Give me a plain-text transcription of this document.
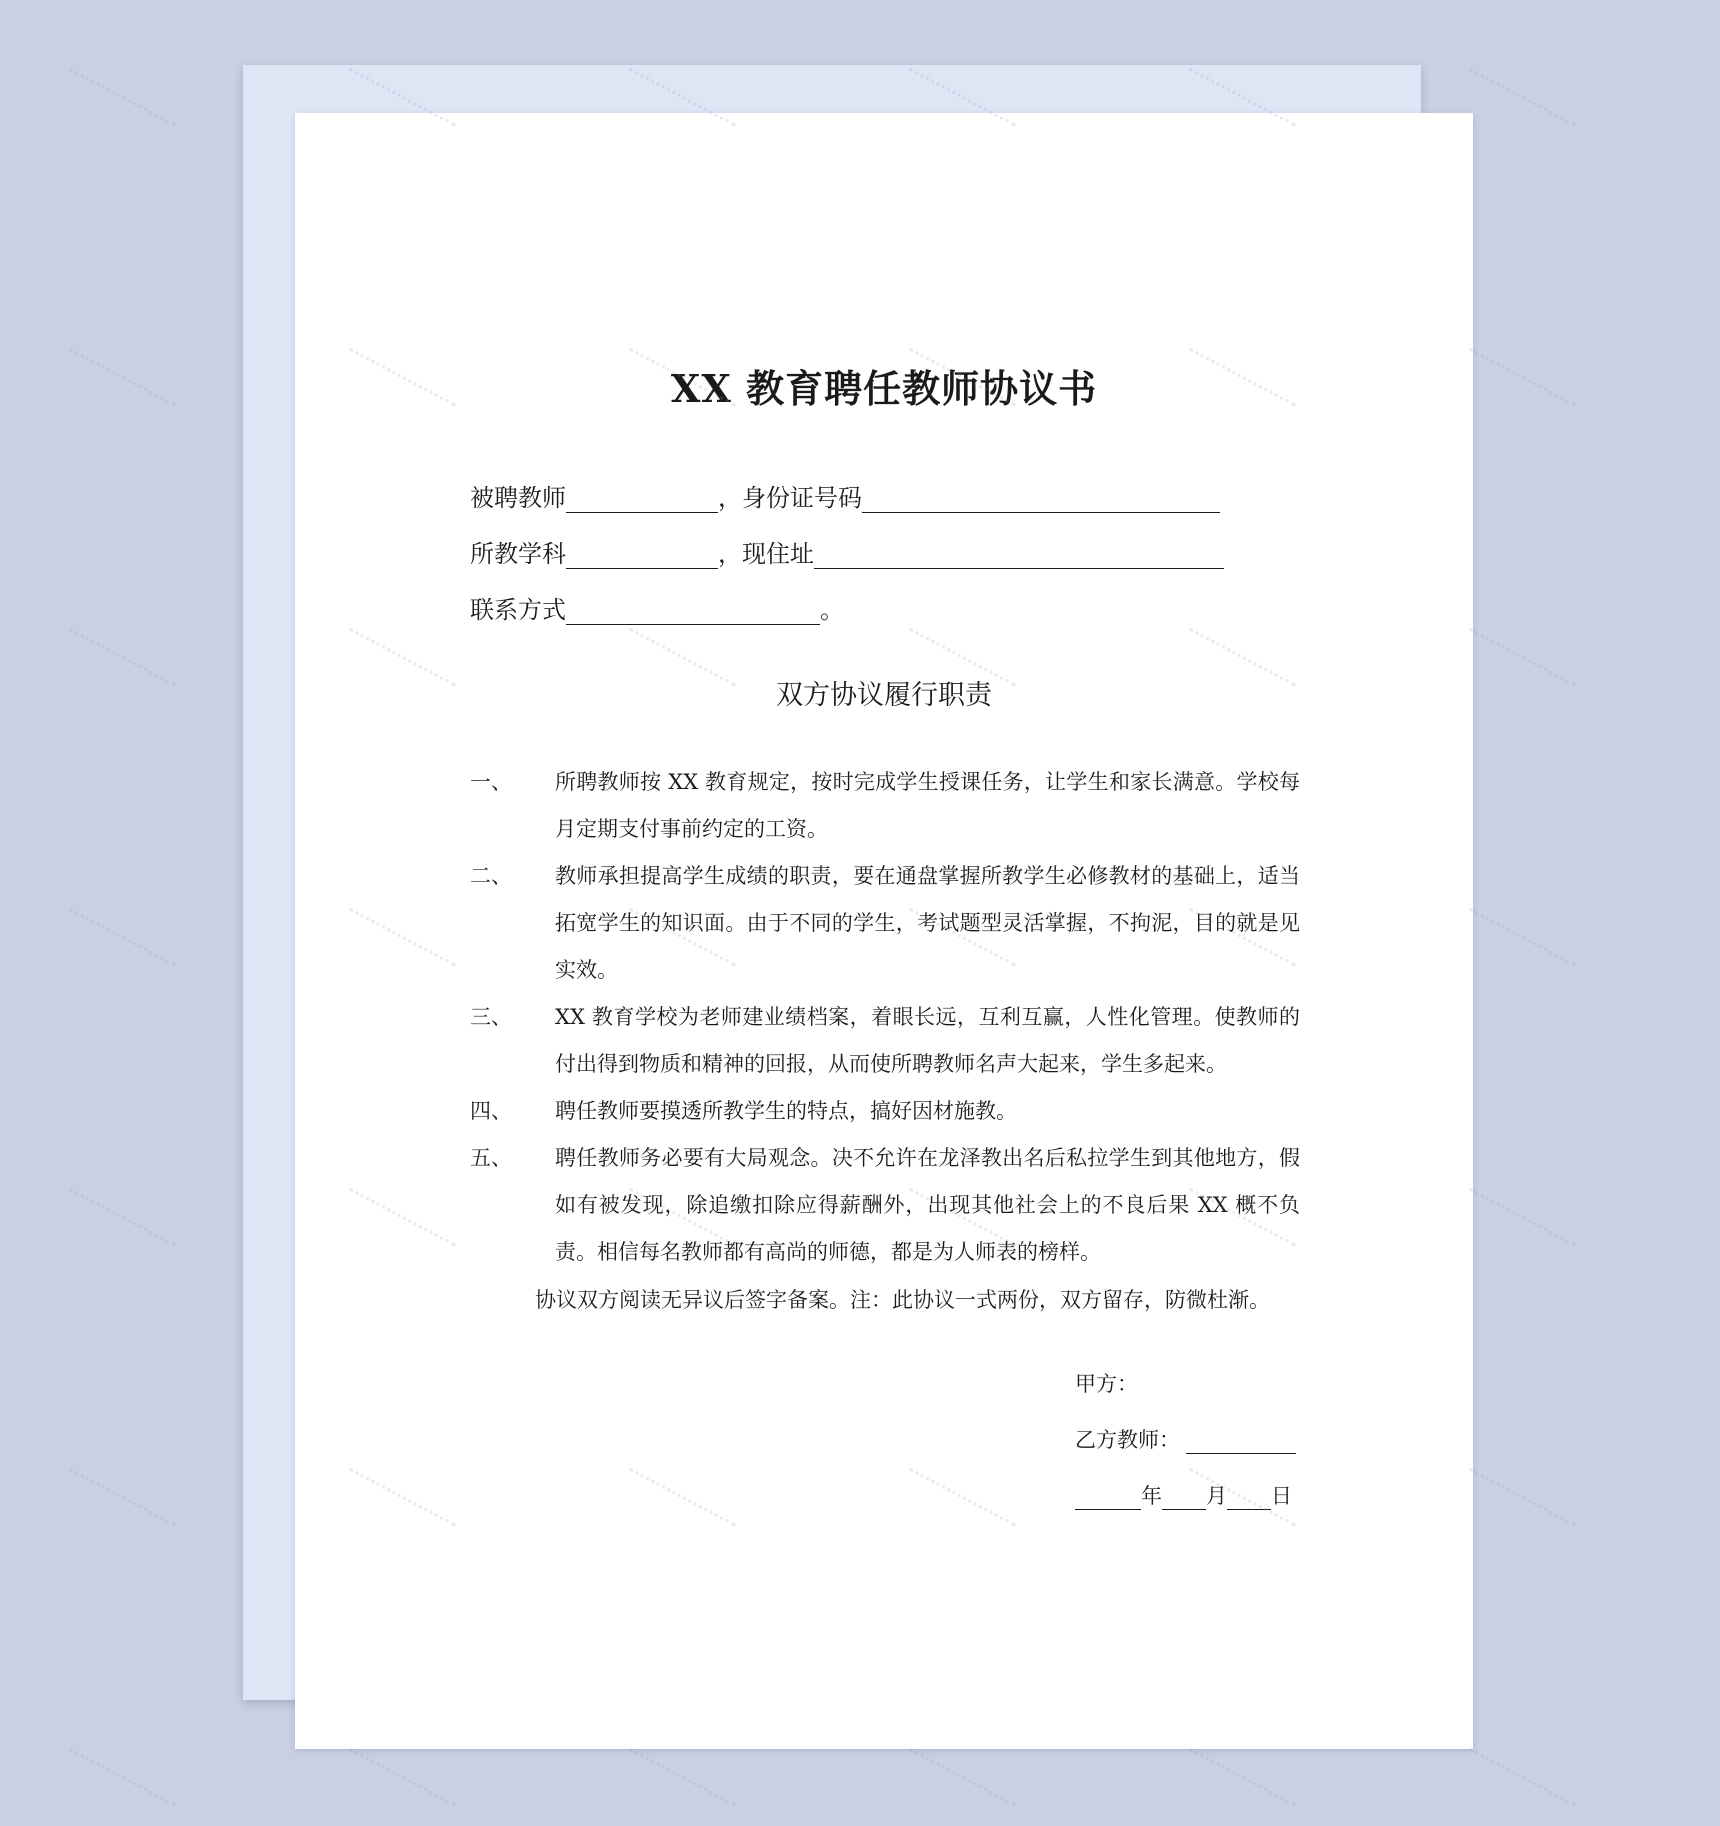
XX 教育聘任教师协议书
被聘教师	，身份证号码
所教学科	，现住址
联系方式	。
双方协议履行职责
一、 所聘教师按 XX 教育规定，按时完成学生授课任务，让学生和家长满意。学校每月定期支付事前约定的工资。
二、 教师承担提高学生成绩的职责，要在通盘掌握所教学生必修教材的基础上，适当拓宽学生的知识面。由于不同的学生，考试题型灵活掌握，不拘泥，目的就是见实效。
三、 XX 教育学校为老师建业绩档案，着眼长远，互利互赢，人性化管理。使教师的付出得到物质和精神的回报，从而使所聘教师名声大起来，学生多起来。
四、 聘任教师要摸透所教学生的特点，搞好因材施教。
五、 聘任教师务必要有大局观念。决不允许在龙泽教出名后私拉学生到其他地方，假如有被发现，除追缴扣除应得薪酬外，出现其他社会上的不良后果 XX 概不负责。相信每名教师都有高尚的师德，都是为人师表的榜样。
协议双方阅读无异议后签字备案。注：此协议一式两份，双方留存，防微杜渐。
甲方：
乙方教师：
年 月 日
